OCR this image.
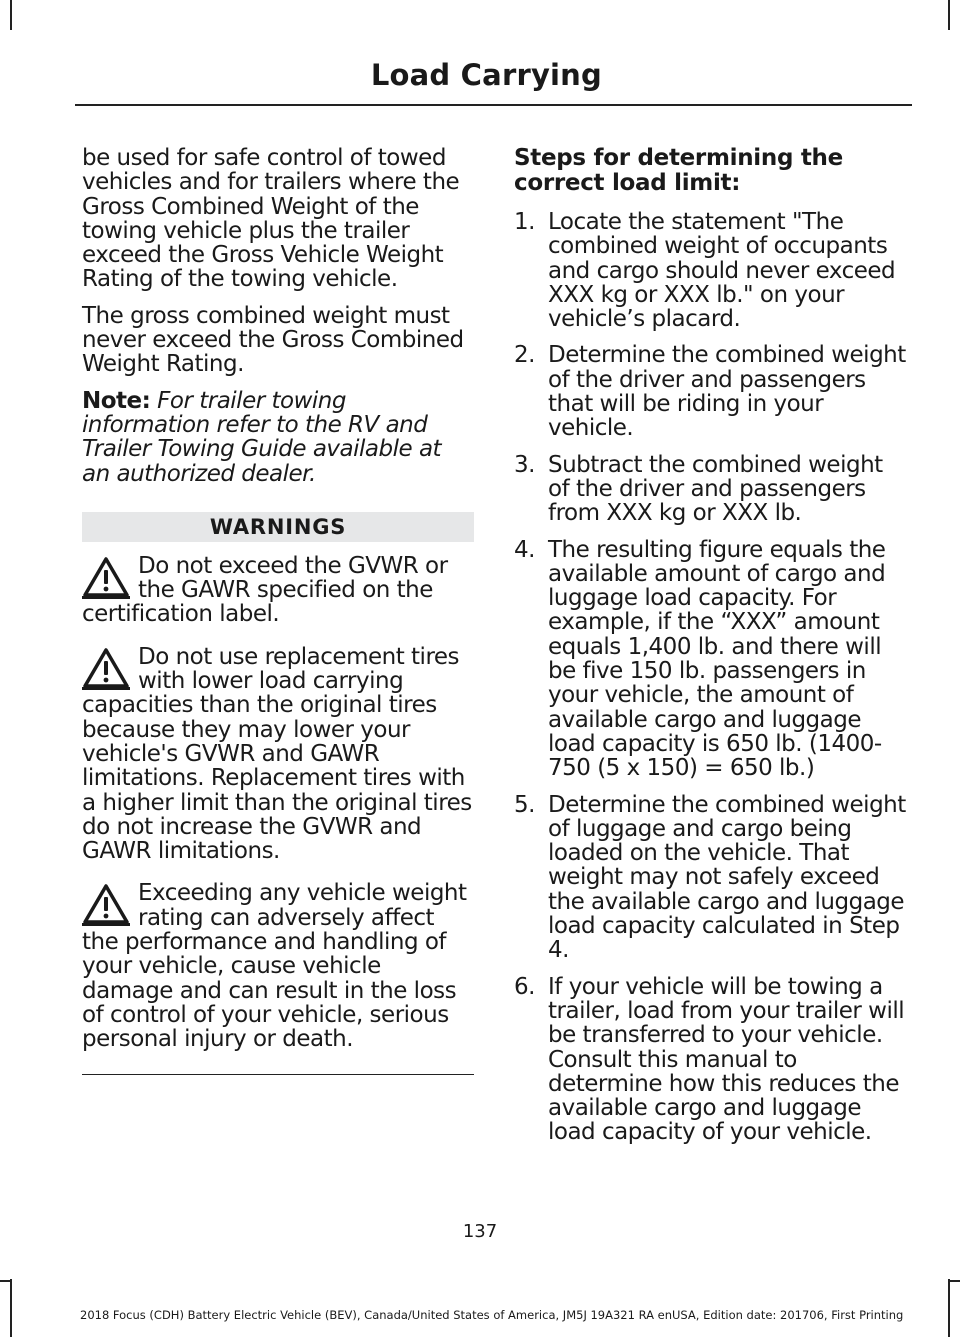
Load Carrying

be used for safe control of towed vehicles and for trailers where the Gross Combined Weight of the towing vehicle plus the trailer exceed the Gross Vehicle Weight Rating of the towing vehicle.

The gross combined weight must never exceed the Gross Combined Weight Rating.

Note: For trailer towing information refer to the RV and Trailer Towing Guide available at an authorized dealer.

WARNINGS
Do not exceed the GVWR or the GAWR specified on the certification label.
Do not use replacement tires with lower load carrying capacities than the original tires because they may lower your vehicle's GVWR and GAWR limitations. Replacement tires with a higher limit than the original tires do not increase the GVWR and GAWR limitations.
Exceeding any vehicle weight rating can adversely affect the performance and handling of your vehicle, cause vehicle damage and can result in the loss of control of your vehicle, serious personal injury or death.
Steps for determining the correct load limit:
1. Locate the statement "The combined weight of occupants and cargo should never exceed XXX kg or XXX lb." on your vehicle’s placard.
2. Determine the combined weight of the driver and passengers that will be riding in your vehicle.
3. Subtract the combined weight of the driver and passengers from XXX kg or XXX lb.
4. The resulting figure equals the available amount of cargo and luggage load capacity. For example, if the “XXX” amount equals 1,400 lb. and there will be five 150 lb. passengers in your vehicle, the amount of available cargo and luggage load capacity is 650 lb. (1400-750 (5 x 150) = 650 lb.)
5. Determine the combined weight of luggage and cargo being loaded on the vehicle. That weight may not safely exceed the available cargo and luggage load capacity calculated in Step 4.
6. If your vehicle will be towing a trailer, load from your trailer will be transferred to your vehicle. Consult this manual to determine how this reduces the available cargo and luggage load capacity of your vehicle.
137
2018 Focus (CDH) Battery Electric Vehicle (BEV), Canada/United States of America, JM5J 19A321 RA enUSA, Edition date: 201706, First Printing
